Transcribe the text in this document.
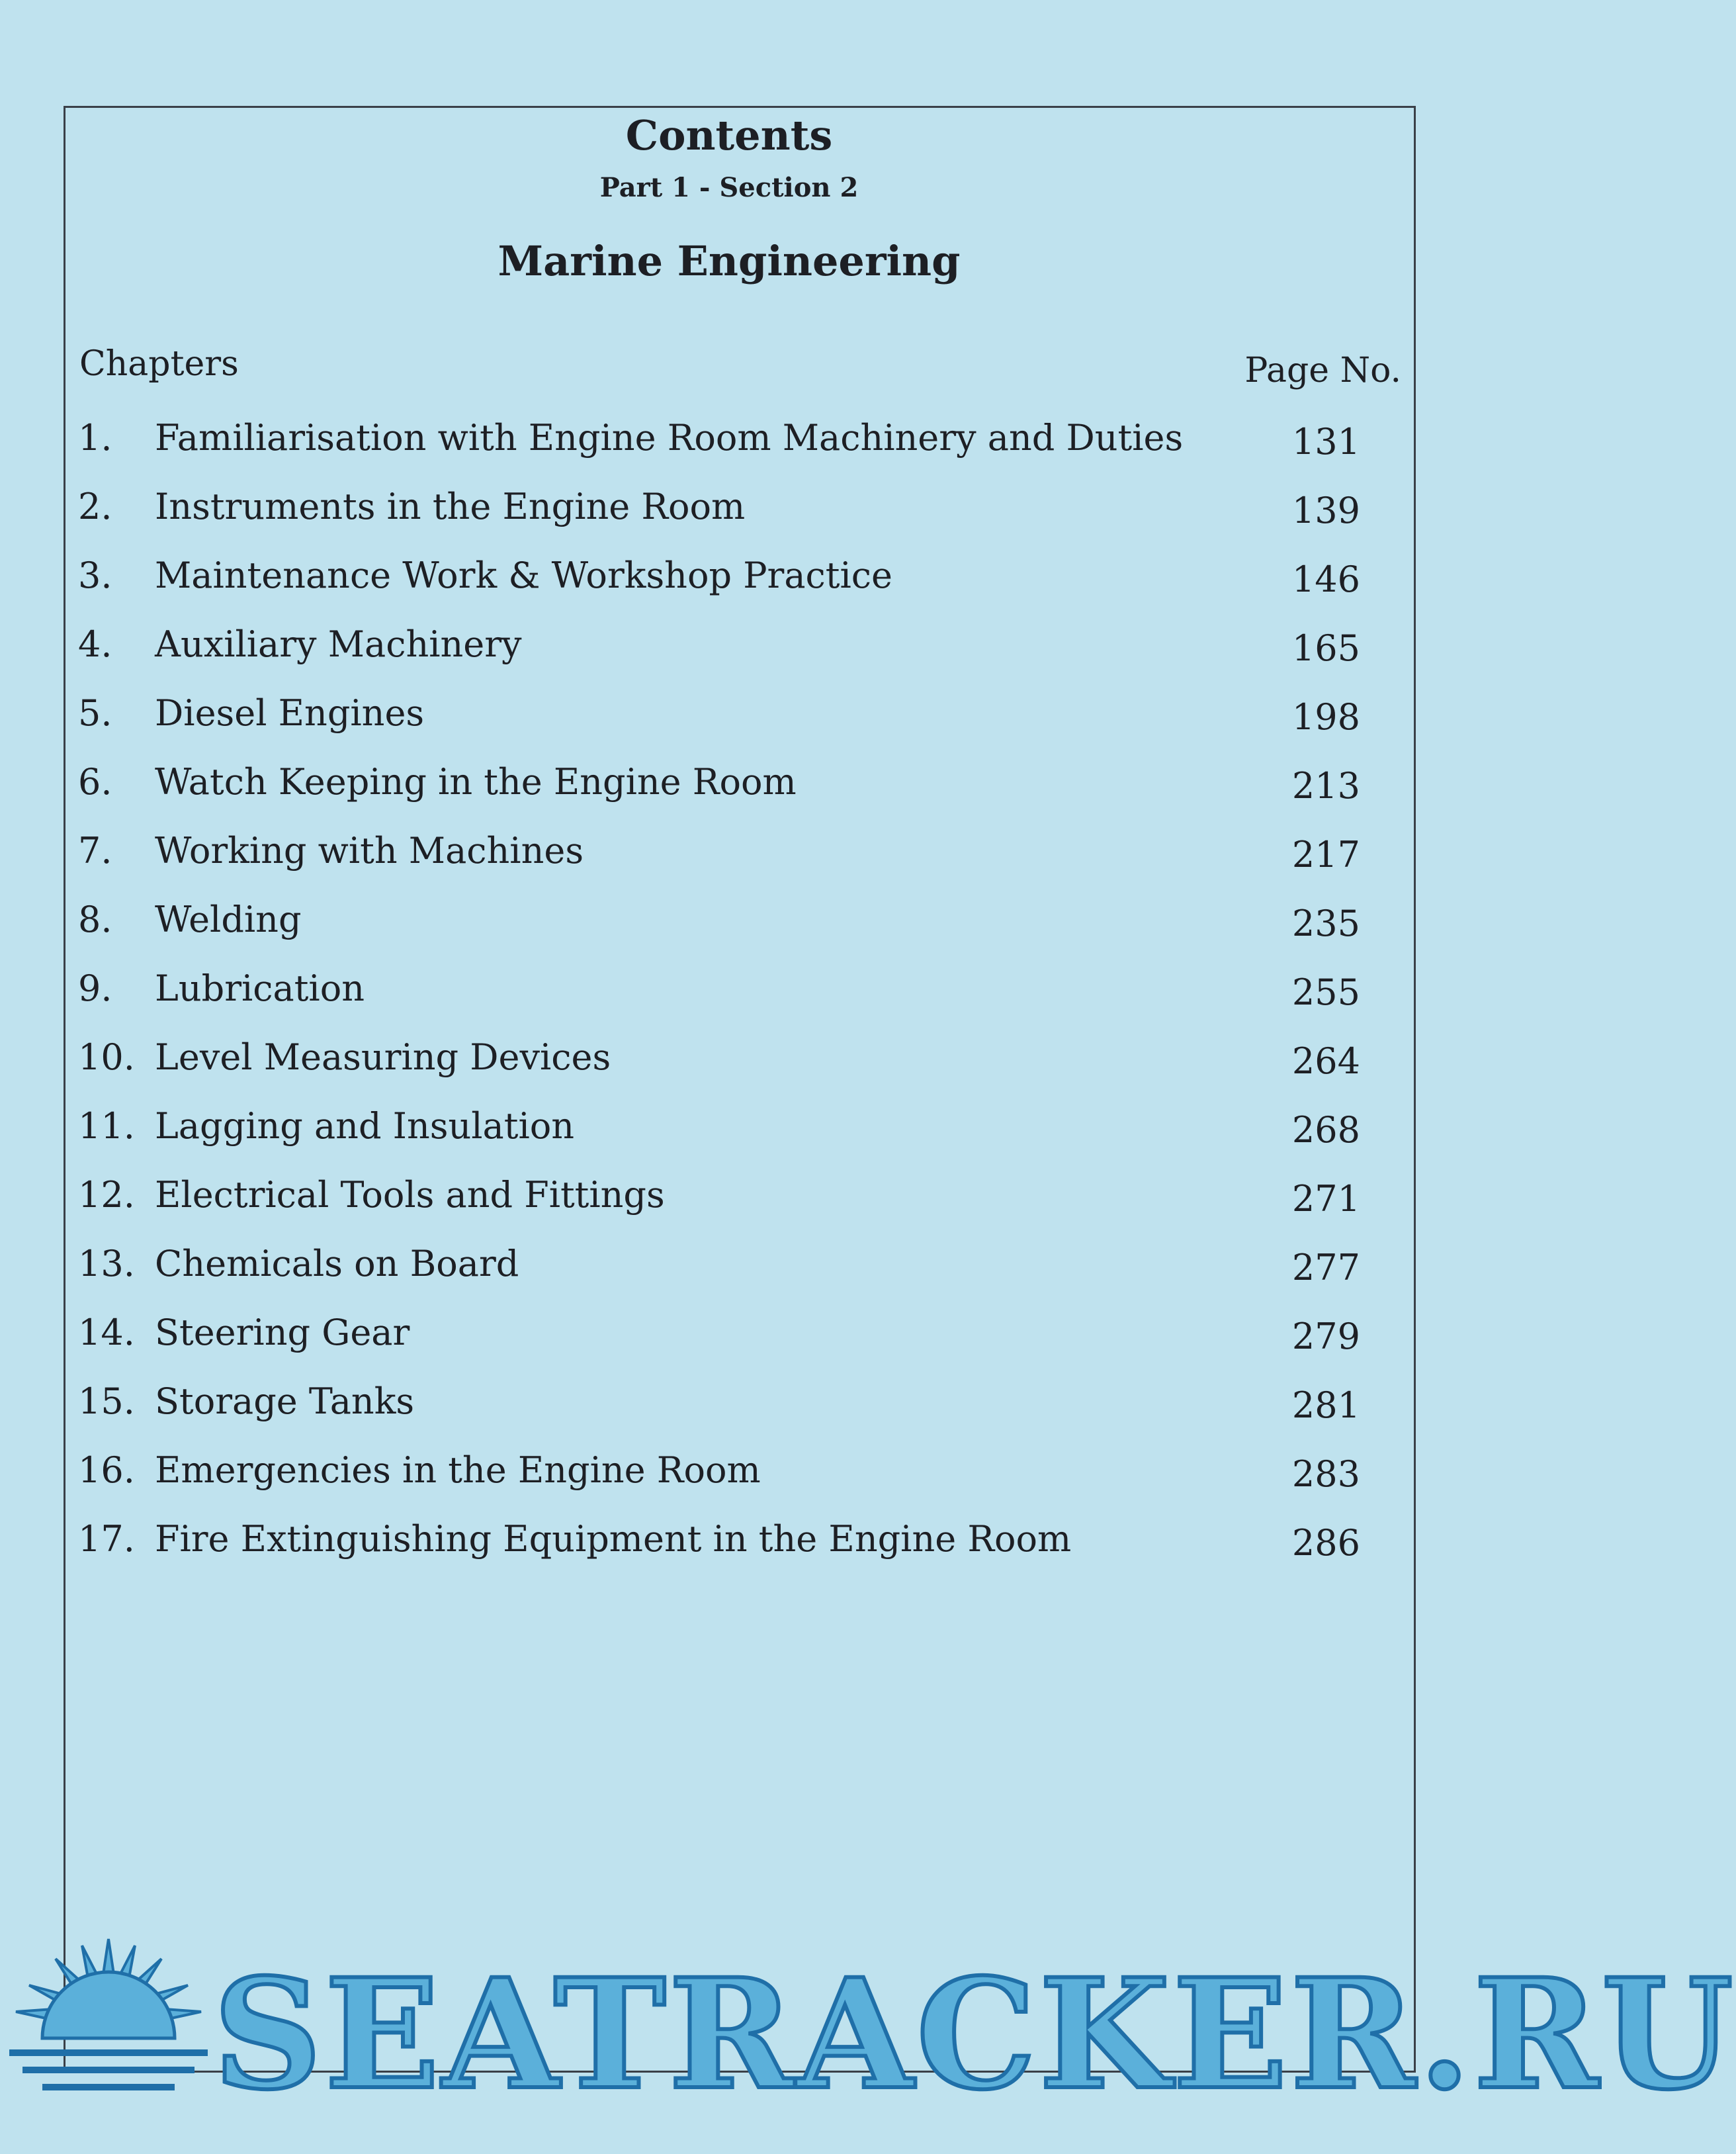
Contents
Part 1 - Section 2
Marine Engineering
Chapters	Page No.
1. Familiarisation with Engine Room Machinery and Duties	131
2. Instruments in the Engine Room	139
3. Maintenance Work & Workshop Practice	146
4. Auxiliary Machinery	165
5. Diesel Engines	198
6. Watch Keeping in the Engine Room	213
7. Working with Machines	217
8. Welding	235
9. Lubrication	255
10. Level Measuring Devices	264
11. Lagging and Insulation	268
12. Electrical Tools and Fittings	271
13. Chemicals on Board	277
14. Steering Gear	279
15. Storage Tanks	281
16. Emergencies in the Engine Room	283
17. Fire Extinguishing Equipment in the Engine Room	286
SEATRACKER.RU
